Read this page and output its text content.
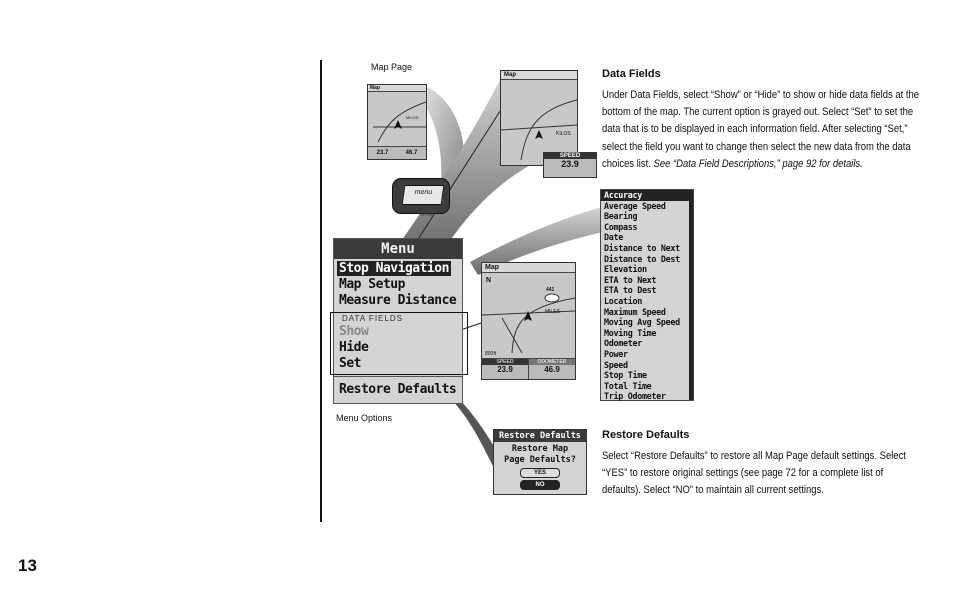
13
Map Page
Map
MILOS
23.7	46.7
menu
enter
Map
KILOS
SPEED
23.9
Map
N
441
MILES
800ft
SPEED
23.9
ODOMETER
46.9
Menu
Stop Navigation
Map Setup
Measure Distance
DATA FIELDS
Show
Hide
Set
Restore Defaults
Menu Options
Accuracy
Average Speed
Bearing
Compass
Date
Distance to Next
Distance to Dest
Elevation
ETA to Next
ETA to Dest
Location
Maximum Speed
Moving Avg Speed
Moving Time
Odometer
Power
Speed
Stop Time
Total Time
Trip Odometer
Restore Defaults
Restore Map
Page Defaults?
YES
NO
Data Fields
Under Data Fields, select “Show” or “Hide” to show or hide data fields at the bottom of the map. The current option is grayed out. Select “Set” to set the data that is to be displayed in each information field. After selecting “Set,” select the field you want to change then select the new data from the data choices list. See “Data Field Descriptions,” page 92 for details.
Restore Defaults
Select “Restore Defaults” to restore all Map Page default settings. Select “YES” to restore original settings (see page 72 for a complete list of defaults). Select “NO” to maintain all current settings.
